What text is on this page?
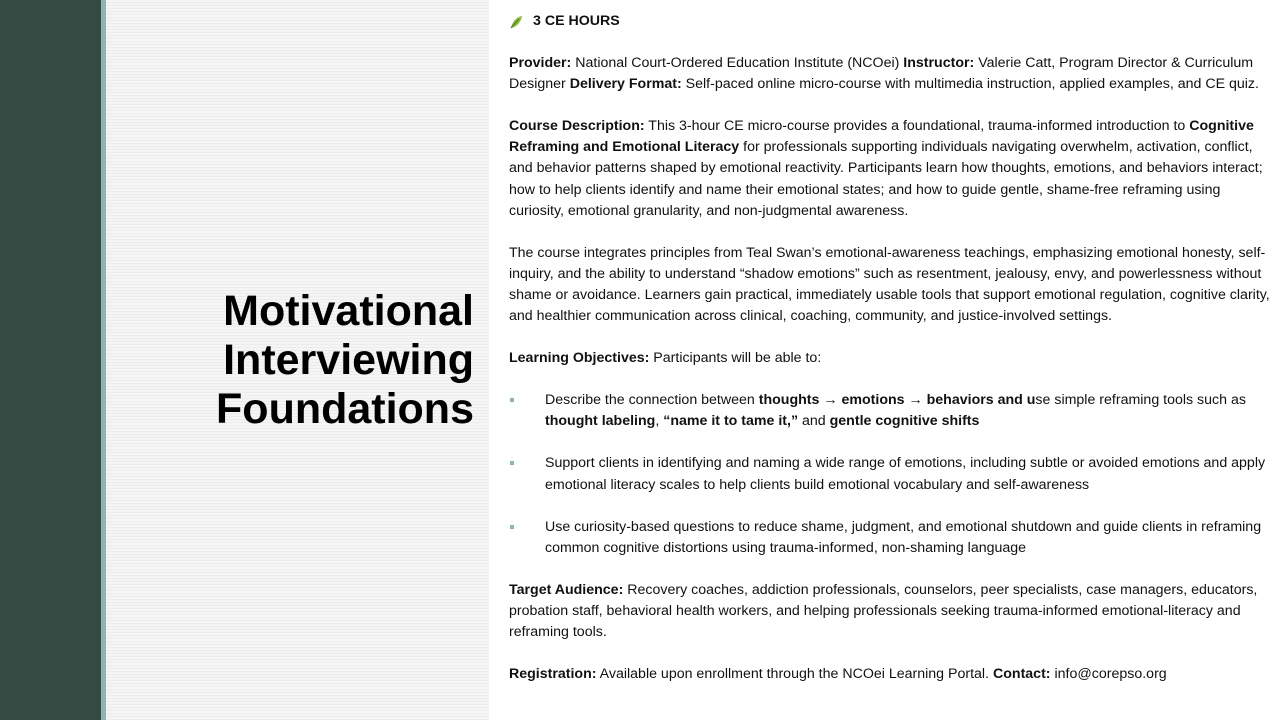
Motivational
Interviewing
Foundations
3 CE HOURS

Provider: National Court-Ordered Education Institute (NCOei) Instructor: Valerie Catt, Program Director & Curriculum Designer Delivery Format: Self-paced online micro-course with multimedia instruction, applied examples, and CE quiz.

Course Description: This 3-hour CE micro-course provides a foundational, trauma-informed introduction to Cognitive Reframing and Emotional Literacy for professionals supporting individuals navigating overwhelm, activation, conflict, and behavior patterns shaped by emotional reactivity. Participants learn how thoughts, emotions, and behaviors interact; how to help clients identify and name their emotional states; and how to guide gentle, shame-free reframing using curiosity, emotional granularity, and non-judgmental awareness.

The course integrates principles from Teal Swan’s emotional-awareness teachings, emphasizing emotional honesty, self-inquiry, and the ability to understand “shadow emotions” such as resentment, jealousy, envy, and powerlessness without shame or avoidance. Learners gain practical, immediately usable tools that support emotional regulation, cognitive clarity, and healthier communication across clinical, coaching, community, and justice-involved settings.

Learning Objectives: Participants will be able to:

Describe the connection between thoughts → emotions → behaviors and use simple reframing tools such as thought labeling, “name it to tame it,” and gentle cognitive shifts
Support clients in identifying and naming a wide range of emotions, including subtle or avoided emotions and apply emotional literacy scales to help clients build emotional vocabulary and self-awareness
Use curiosity-based questions to reduce shame, judgment, and emotional shutdown and guide clients in reframing common cognitive distortions using trauma-informed, non-shaming language

Target Audience: Recovery coaches, addiction professionals, counselors, peer specialists, case managers, educators, probation staff, behavioral health workers, and helping professionals seeking trauma-informed emotional-literacy and reframing tools.

Registration: Available upon enrollment through the NCOei Learning Portal. Contact: info@corepso.org
